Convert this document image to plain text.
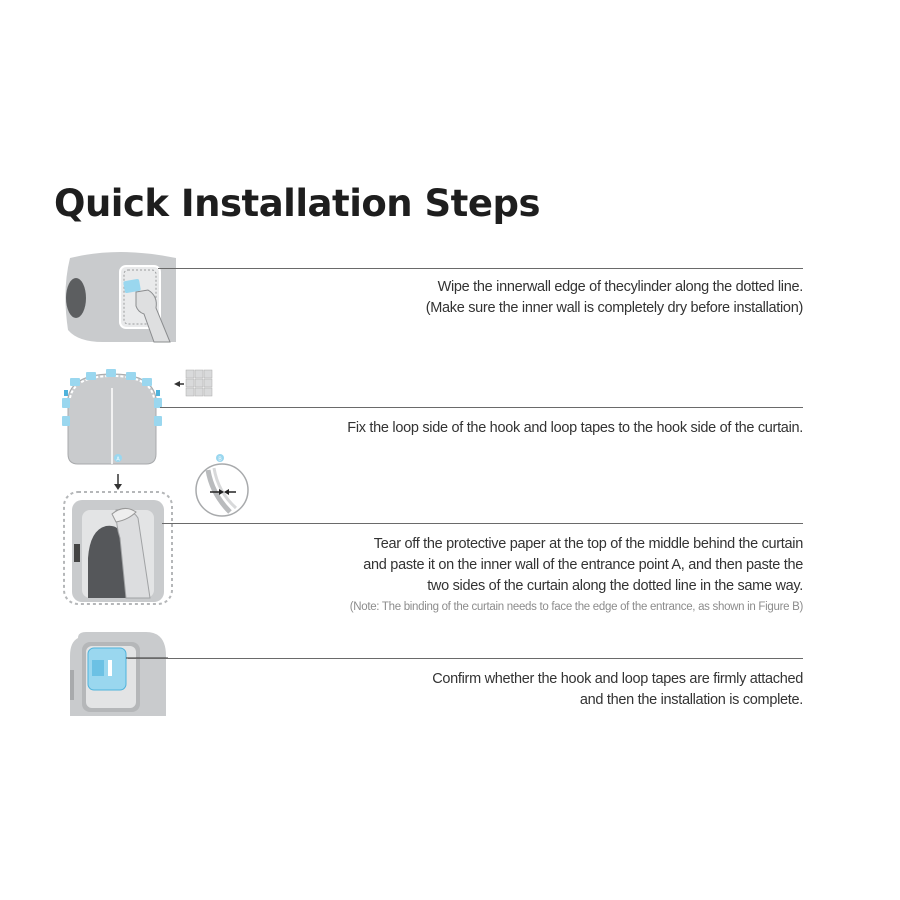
Quick Installation Steps
Wipe the innerwall edge of thecylinder along the dotted line.
(Make sure the inner wall is completely dry before installation)
Fix the loop side of the hook and loop tapes to the hook side of the curtain.
A	B
Tear off the protective paper at the top of the middle behind the curtain
and paste it on the inner wall of the entrance point A, and then paste the
two sides of the curtain along the dotted line in the same way.
(Note: The binding of the curtain needs to face the edge of the entrance, as shown in Figure B)
Confirm whether the hook and loop tapes are firmly attached
and then the installation is complete.
